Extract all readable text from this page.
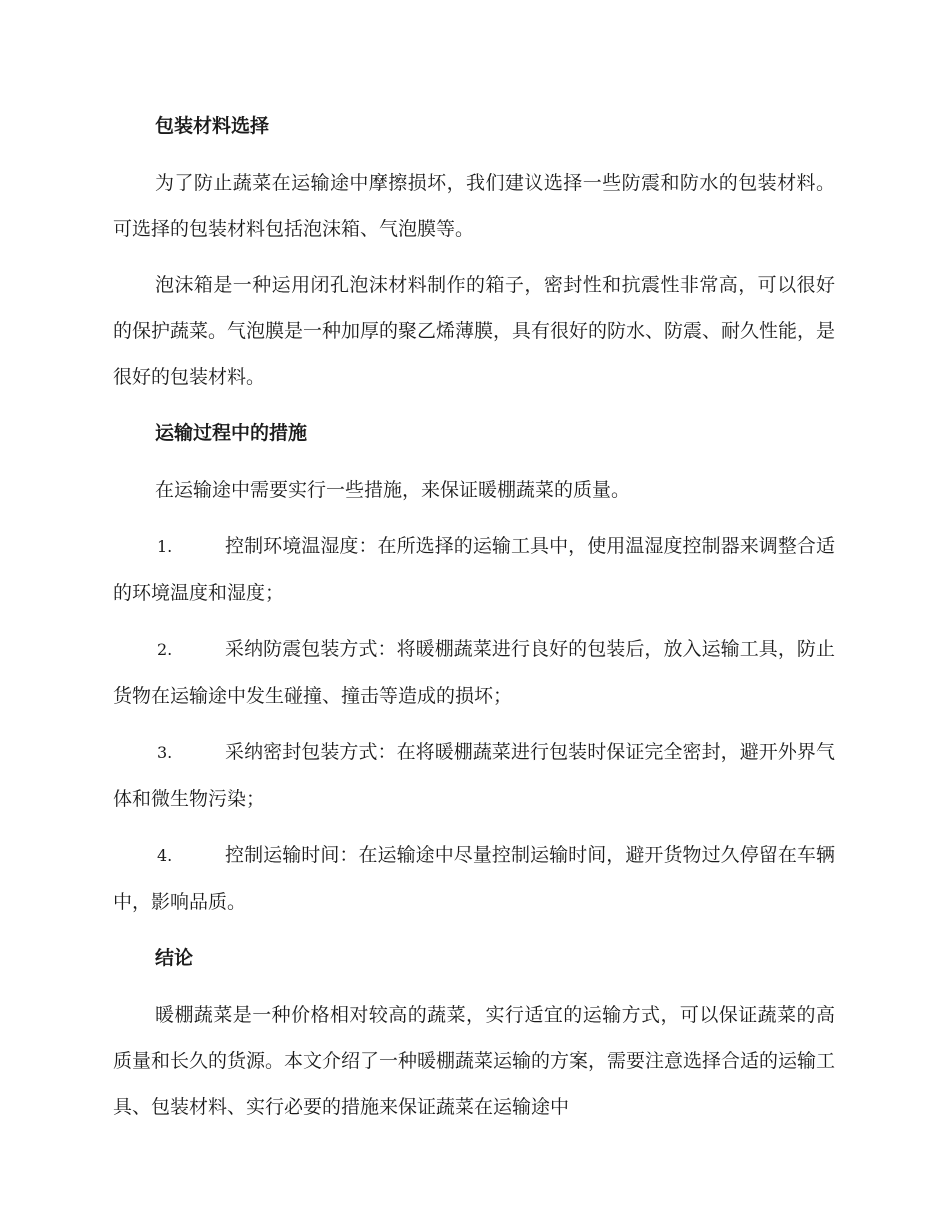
包装材料选择

为了防止蔬菜在运输途中摩擦损坏，我们建议选择一些防震和防水的包装材料。可选择的包装材料包括泡沫箱、气泡膜等。

泡沫箱是一种运用闭孔泡沫材料制作的箱子，密封性和抗震性非常高，可以很好的保护蔬菜。气泡膜是一种加厚的聚乙烯薄膜，具有很好的防水、防震、耐久性能，是很好的包装材料。

运输过程中的措施

在运输途中需要实行一些措施，来保证暖棚蔬菜的质量。

1.	控制环境温湿度：在所选择的运输工具中，使用温湿度控制器来调整合适的环境温度和湿度；

2.	采纳防震包装方式：将暖棚蔬菜进行良好的包装后，放入运输工具，防止货物在运输途中发生碰撞、撞击等造成的损坏；

3.	采纳密封包装方式：在将暖棚蔬菜进行包装时保证完全密封，避开外界气体和微生物污染；

4.	控制运输时间：在运输途中尽量控制运输时间，避开货物过久停留在车辆中，影响品质。

结论

暖棚蔬菜是一种价格相对较高的蔬菜，实行适宜的运输方式，可以保证蔬菜的高质量和长久的货源。本文介绍了一种暖棚蔬菜运输的方案，需要注意选择合适的运输工具、包装材料、实行必要的措施来保证蔬菜在运输途中
